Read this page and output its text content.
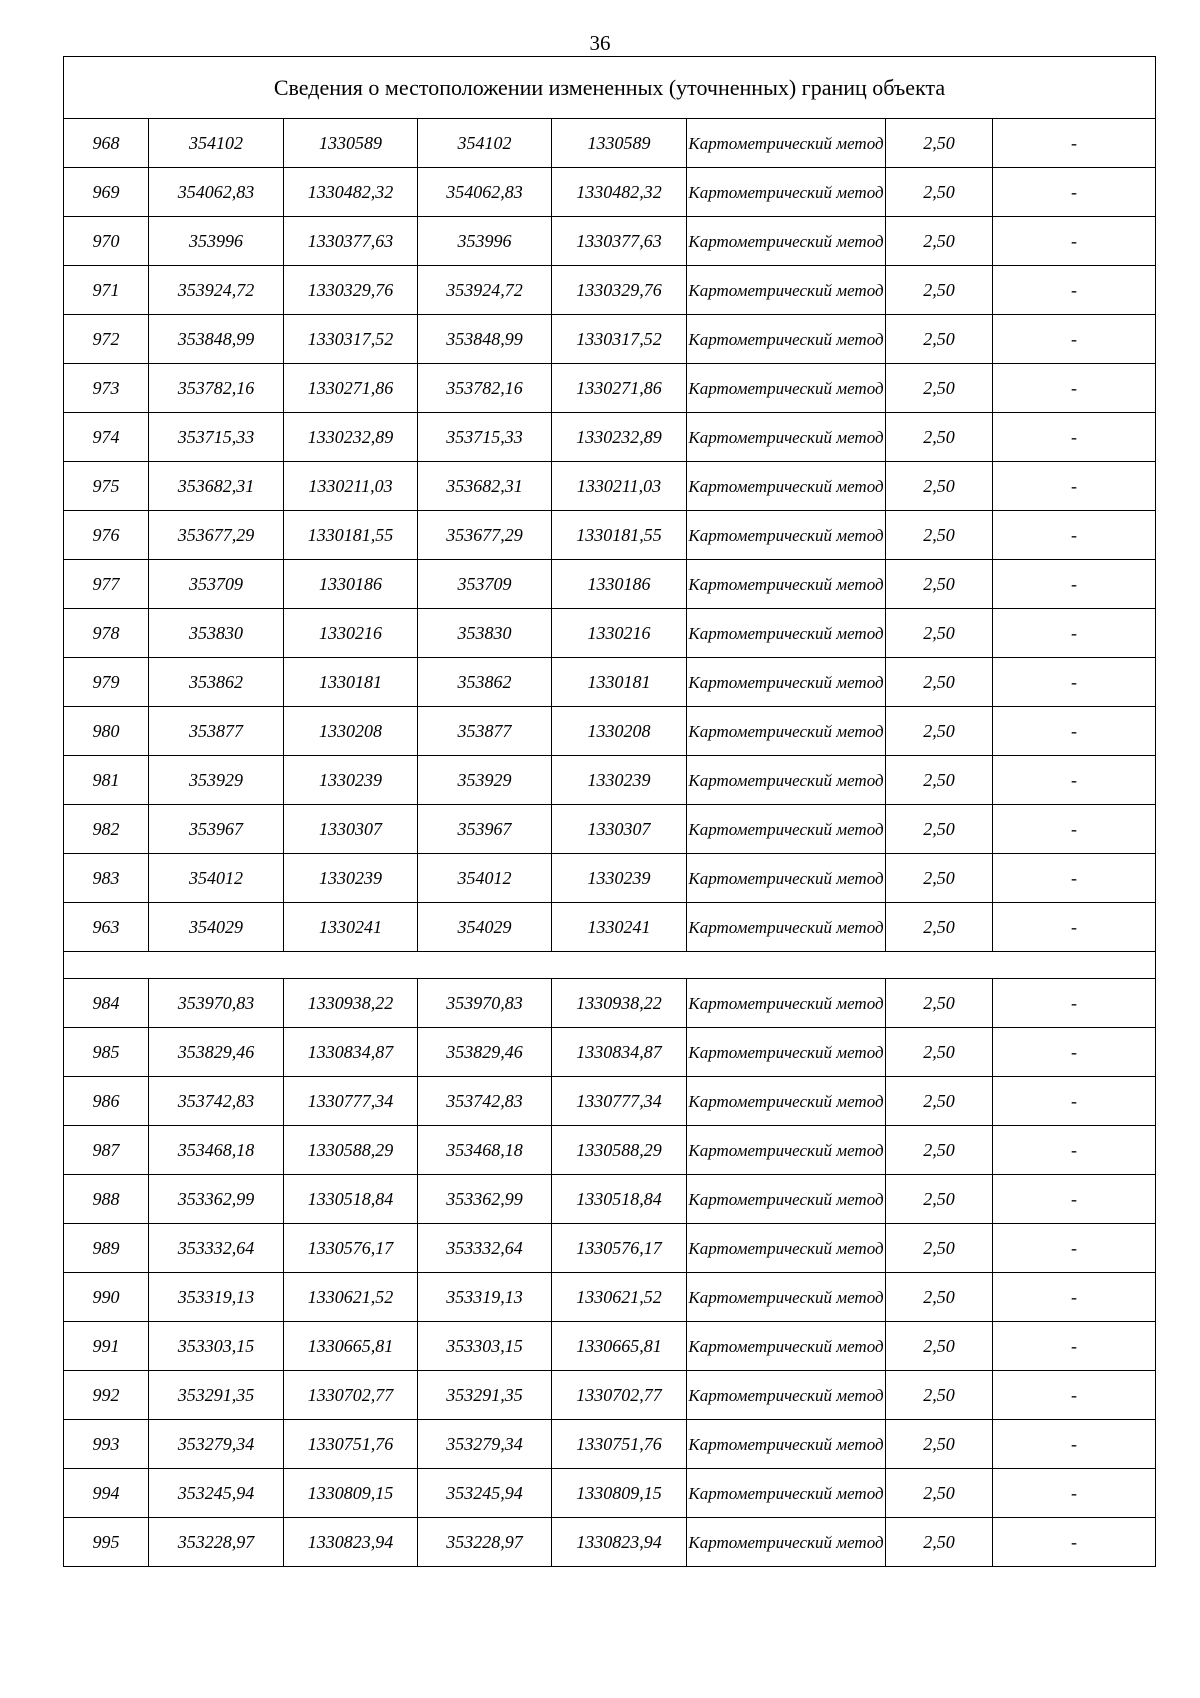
36
Сведения о местоположении измененных (уточненных) границ объекта							
968	354102	1330589	354102	1330589	Картометрический метод	2,50	-
969	354062,83	1330482,32	354062,83	1330482,32	Картометрический метод	2,50	-
970	353996	1330377,63	353996	1330377,63	Картометрический метод	2,50	-
971	353924,72	1330329,76	353924,72	1330329,76	Картометрический метод	2,50	-
972	353848,99	1330317,52	353848,99	1330317,52	Картометрический метод	2,50	-
973	353782,16	1330271,86	353782,16	1330271,86	Картометрический метод	2,50	-
974	353715,33	1330232,89	353715,33	1330232,89	Картометрический метод	2,50	-
975	353682,31	1330211,03	353682,31	1330211,03	Картометрический метод	2,50	-
976	353677,29	1330181,55	353677,29	1330181,55	Картометрический метод	2,50	-
977	353709	1330186	353709	1330186	Картометрический метод	2,50	-
978	353830	1330216	353830	1330216	Картометрический метод	2,50	-
979	353862	1330181	353862	1330181	Картометрический метод	2,50	-
980	353877	1330208	353877	1330208	Картометрический метод	2,50	-
981	353929	1330239	353929	1330239	Картометрический метод	2,50	-
982	353967	1330307	353967	1330307	Картометрический метод	2,50	-
983	354012	1330239	354012	1330239	Картометрический метод	2,50	-
963	354029	1330241	354029	1330241	Картометрический метод	2,50	-

984	353970,83	1330938,22	353970,83	1330938,22	Картометрический метод	2,50	-
985	353829,46	1330834,87	353829,46	1330834,87	Картометрический метод	2,50	-
986	353742,83	1330777,34	353742,83	1330777,34	Картометрический метод	2,50	-
987	353468,18	1330588,29	353468,18	1330588,29	Картометрический метод	2,50	-
988	353362,99	1330518,84	353362,99	1330518,84	Картометрический метод	2,50	-
989	353332,64	1330576,17	353332,64	1330576,17	Картометрический метод	2,50	-
990	353319,13	1330621,52	353319,13	1330621,52	Картометрический метод	2,50	-
991	353303,15	1330665,81	353303,15	1330665,81	Картометрический метод	2,50	-
992	353291,35	1330702,77	353291,35	1330702,77	Картометрический метод	2,50	-
993	353279,34	1330751,76	353279,34	1330751,76	Картометрический метод	2,50	-
994	353245,94	1330809,15	353245,94	1330809,15	Картометрический метод	2,50	-
995	353228,97	1330823,94	353228,97	1330823,94	Картометрический метод	2,50	-
